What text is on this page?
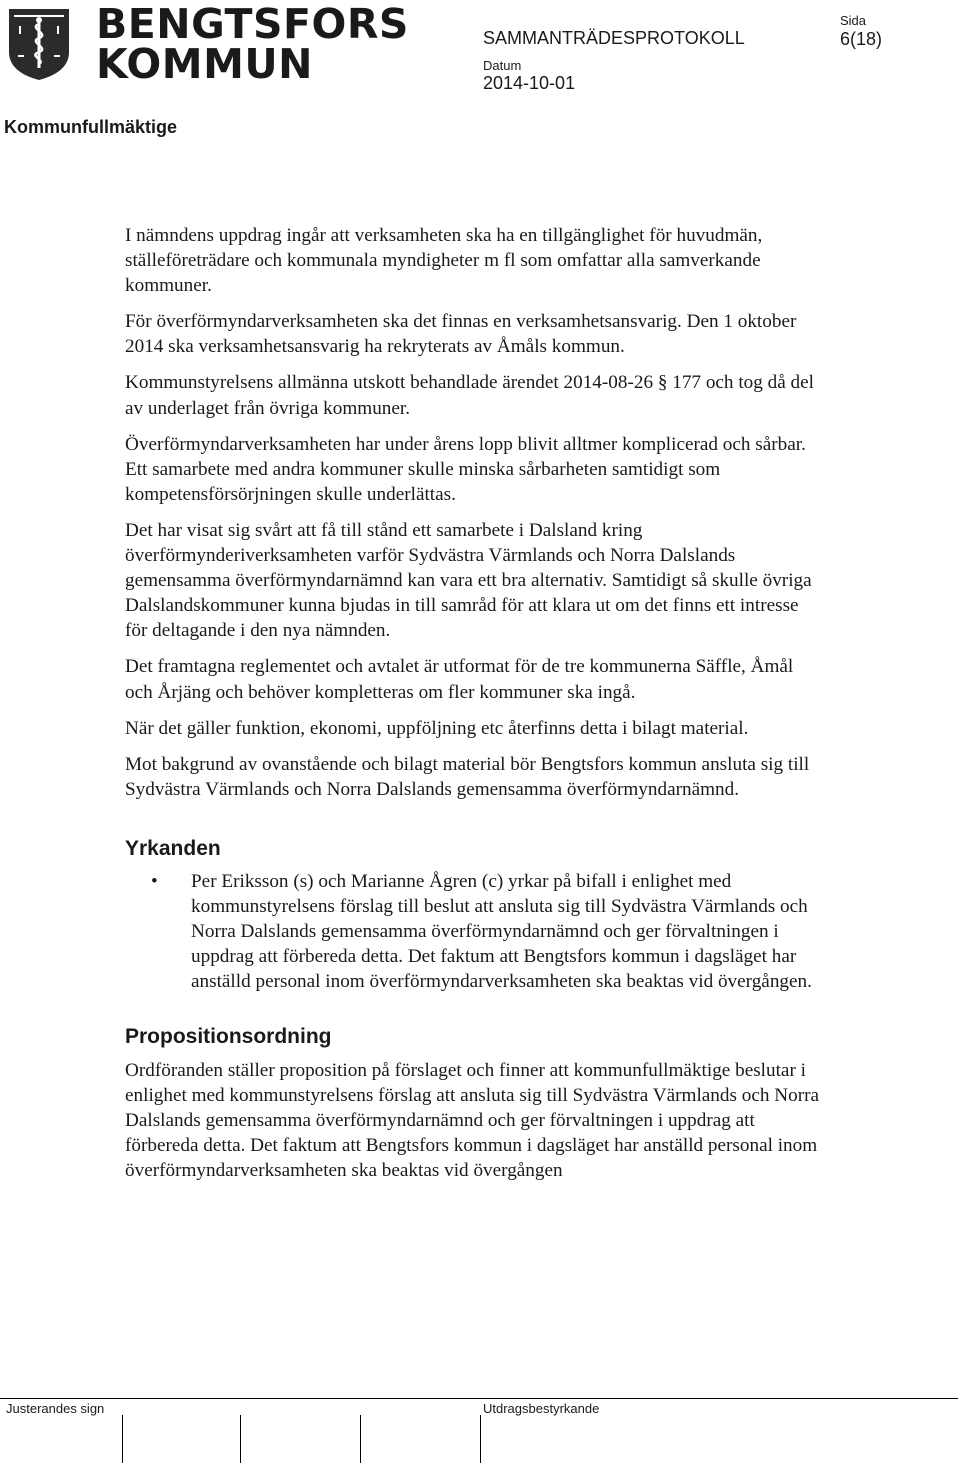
BENGTSFORS
KOMMUN
SAMMANTRÄDESPROTOKOLL
Sida
6(18)
Datum
2014-10-01
Kommunfullmäktige

I nämndens uppdrag ingår att verksamheten ska ha en tillgänglighet för huvudmän, ställeföreträdare och kommunala myndigheter m fl som omfattar alla samverkande kommuner.

För överförmyndarverksamheten ska det finnas en verksamhetsansvarig. Den 1 oktober 2014 ska verksamhetsansvarig ha rekryterats av Åmåls kommun.

Kommunstyrelsens allmänna utskott behandlade ärendet 2014-08-26 § 177 och tog då del av underlaget från övriga kommuner.

Överförmyndarverksamheten har under årens lopp blivit alltmer komplicerad och sårbar. Ett samarbete med andra kommuner skulle minska sårbarheten samtidigt som kompetensförsörjningen skulle underlättas.

Det har visat sig svårt att få till stånd ett samarbete i Dalsland kring överförmynderiverksamheten varför Sydvästra Värmlands och Norra Dalslands gemensamma överförmyndarnämnd kan vara ett bra alternativ. Samtidigt så skulle övriga Dalslandskommuner kunna bjudas in till samråd för att klara ut om det finns ett intresse för deltagande i den nya nämnden.

Det framtagna reglementet och avtalet är utformat för de tre kommunerna Säffle, Åmål och Årjäng och behöver kompletteras om fler kommuner ska ingå.

När det gäller funktion, ekonomi, uppföljning etc återfinns detta i bilagt material.

Mot bakgrund av ovanstående och bilagt material bör Bengtsfors kommun ansluta sig till Sydvästra Värmlands och Norra Dalslands gemensamma överförmyndarnämnd.

Yrkanden
• Per Eriksson (s) och Marianne Ågren (c) yrkar på bifall i enlighet med kommunstyrelsens förslag till beslut att ansluta sig till Sydvästra Värmlands och Norra Dalslands gemensamma överförmyndarnämnd och ger förvaltningen i uppdrag att förbereda detta. Det faktum att Bengtsfors kommun i dagsläget har anställd personal inom överförmyndarverksamheten ska beaktas vid övergången.
Propositionsordning

Ordföranden ställer proposition på förslaget och finner att kommunfullmäktige beslutar i enlighet med kommunstyrelsens förslag att ansluta sig till Sydvästra Värmlands och Norra Dalslands gemensamma överförmyndarnämnd och ger förvaltningen i uppdrag att förbereda detta. Det faktum att Bengtsfors kommun i dagsläget har anställd personal inom överförmyndarverksamheten ska beaktas vid övergången

Justerandes sign	Utdragsbestyrkande
